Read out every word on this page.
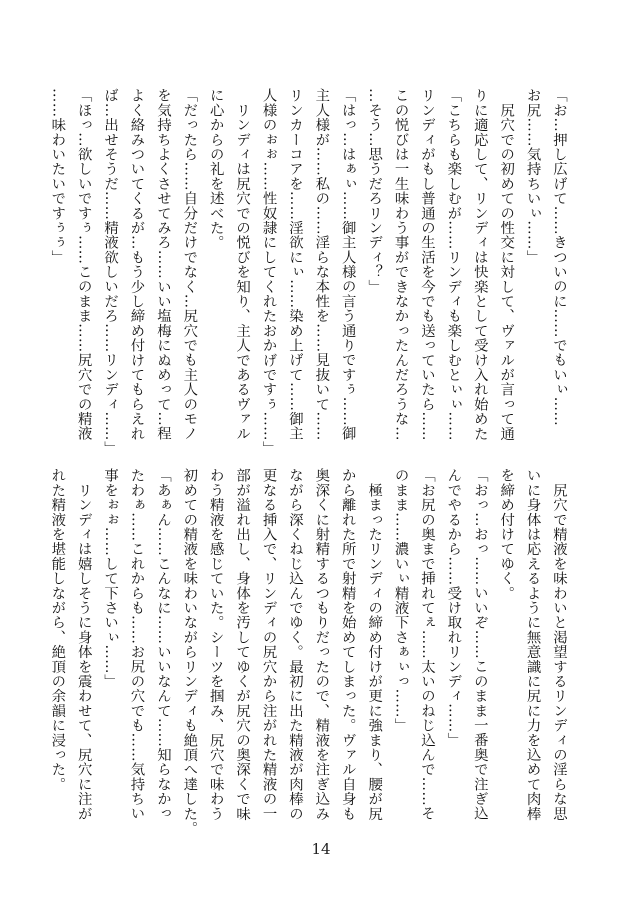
「お…押し広げて……きついのに……でもいぃ……
お尻……気持ちいぃ……」
　尻穴での初めての性交に対して、ヴァルが言って通
りに適応して、リンディは快楽として受け入れ始めた
「こちらも楽しむが……リンディも楽しむとぃぃ……
リンディがもし普通の生活を今でも送っていたら……
この悦びは一生味わう事ができなかったんだろうな…
…そう…思うだろリンディ？」
「はっ…はぁぃ……御主人様の言う通りですぅ……御
主人様が……私の……淫らな本性を……見抜いて……
リンカーコアを……淫欲にぃ……染め上げて……御主
人様のぉぉ……性奴隷にしてくれたおかげですぅ……」
　リンディは尻穴での悦びを知り、主人であるヴァル
に心からの礼を述べた。
「だったら……自分だけでなく…尻穴でも主人のモノ
を気持ちよくさせてみろ……いい塩梅にぬめって…程
よく絡みついてくるが…もう少し締め付けてもらえれ
ば…出せそうだ……精液欲しいだろ……リンディ……」
「ほっ…欲しいですぅ……このまま……尻穴での精液
……味わいたいですぅぅ」
　尻穴で精液を味わいと渇望するリンディの淫らな思
いに身体は応えるように無意識に尻に力を込めて肉棒
を締め付けてゆく。
「おっ…おっ……いいぞ……このまま一番奥で注ぎ込
んでやるから……受け取れリンディ……」
「お尻の奥まで挿れてぇ……太いのねじ込んで……そ
のまま……濃いぃ精液下さぁぃっ……」
　極まったリンディの締め付けが更に強まり、腰が尻
から離れた所で射精を始めてしまった。ヴァル自身も
奥深くに射精するつもりだったので、精液を注ぎ込み
ながら深くねじ込んでゆく。最初に出た精液が肉棒の
更なる挿入で、リンディの尻穴から注がれた精液の一
部が溢れ出し、身体を汚してゆくが尻穴の奥深くで味
わう精液を感じていた。シーツを掴み、尻穴で味わう
初めての精液を味わいながらリンディも絶頂へ達した。
「あぁん……こんなに……いいなんて……知らなかっ
たわぁ……これからも……お尻の穴でも……気持ちい
事をぉぉ……して下さいぃ……」
　リンディは嬉しそうに身体を震わせて、尻穴に注が
れた精液を堪能しながら、絶頂の余韻に浸った。
14
